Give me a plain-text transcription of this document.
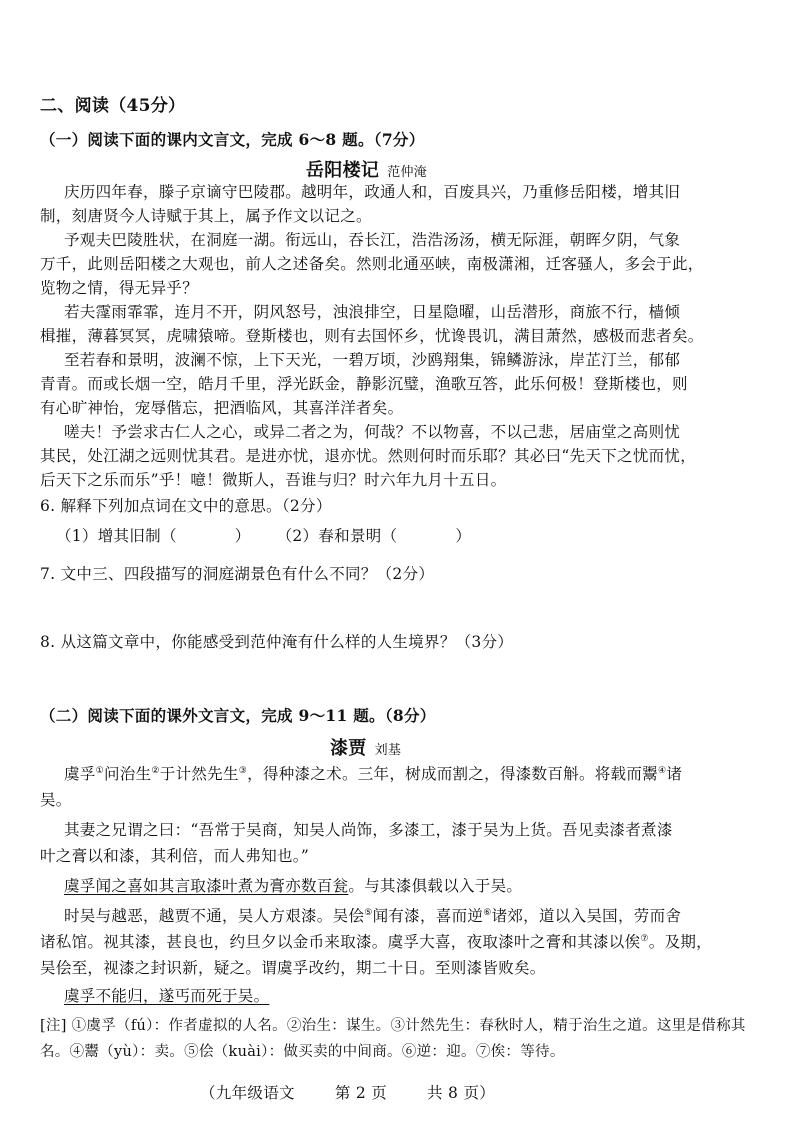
二、阅读（45分）
（一）阅读下面的课内文言文，完成 6～8 题。（7分）
岳阳楼记 范仲淹
庆历四年春，滕子京谪守巴陵郡。越明年，政通人和，百废具兴，乃重修岳阳楼，增其旧
制，刻唐贤今人诗赋于其上，属予作文以记之。
予观夫巴陵胜状，在洞庭一湖。衔远山，吞长江，浩浩汤汤，横无际涯，朝晖夕阴，气象
万千，此则岳阳楼之大观也，前人之述备矣。然则北通巫峡，南极潇湘，迁客骚人，多会于此，
览物之情，得无异乎？
若夫霪雨霏霏，连月不开，阴风怒号，浊浪排空，日星隐曜，山岳潜形，商旅不行，樯倾
楫摧，薄暮冥冥，虎啸猿啼。登斯楼也，则有去国怀乡，忧谗畏讥，满目萧然，感极而悲者矣。
至若春和景明，波澜不惊，上下天光，一碧万顷，沙鸥翔集，锦鳞游泳，岸芷汀兰，郁郁
青青。而或长烟一空，皓月千里，浮光跃金，静影沉璧，渔歌互答，此乐何极！登斯楼也，则
有心旷神怡，宠辱偕忘，把酒临风，其喜洋洋者矣。
嗟夫！予尝求古仁人之心，或异二者之为，何哉？不以物喜，不以己悲，居庙堂之高则忧
其民，处江湖之远则忧其君。是进亦忧，退亦忧。然则何时而乐耶？其必曰“先天下之忧而忧，
后天下之乐而乐”乎！噫！微斯人，吾谁与归？时六年九月十五日。
6. 解释下列加点词在文中的意思。（2分）
（1）增其旧制（	） （2）春和景明（	）
7. 文中三、四段描写的洞庭湖景色有什么不同？（2分）
8. 从这篇文章中，你能感受到范仲淹有什么样的人生境界？（3分）
（二）阅读下面的课外文言文，完成 9～11 题。（8分）
漆贾 刘基
虞孚①问治生②于计然先生③，得种漆之术。三年，树成而割之，得漆数百斛。将载而鬻④诸
吴。
其妻之兄谓之曰：“吾常于吴商，知吴人尚饰，多漆工，漆于吴为上货。吾见卖漆者煮漆
叶之膏以和漆，其利倍，而人弗知也。”
虞孚闻之喜如其言取漆叶煮为膏亦数百瓮。与其漆俱载以入于吴。
时吴与越恶，越贾不通，吴人方艰漆。吴侩⑤闻有漆，喜而逆⑥诸郊，道以入吴国，劳而舍
诸私馆。视其漆，甚良也，约旦夕以金币来取漆。虞孚大喜，夜取漆叶之膏和其漆以俟⑦。及期，
吴侩至，视漆之封识新，疑之。谓虞孚改约，期二十日。至则漆皆败矣。
虞孚不能归，遂丐而死于吴。
[注] ①虞孚（fú）：作者虚拟的人名。②治生：谋生。③计然先生：春秋时人，精于治生之道。这里是借称其
名。④鬻（yù）：卖。⑤侩（kuài）：做买卖的中间商。⑥逆：迎。⑦俟：等待。
（九年级语文	第 2 页	共 8 页）
